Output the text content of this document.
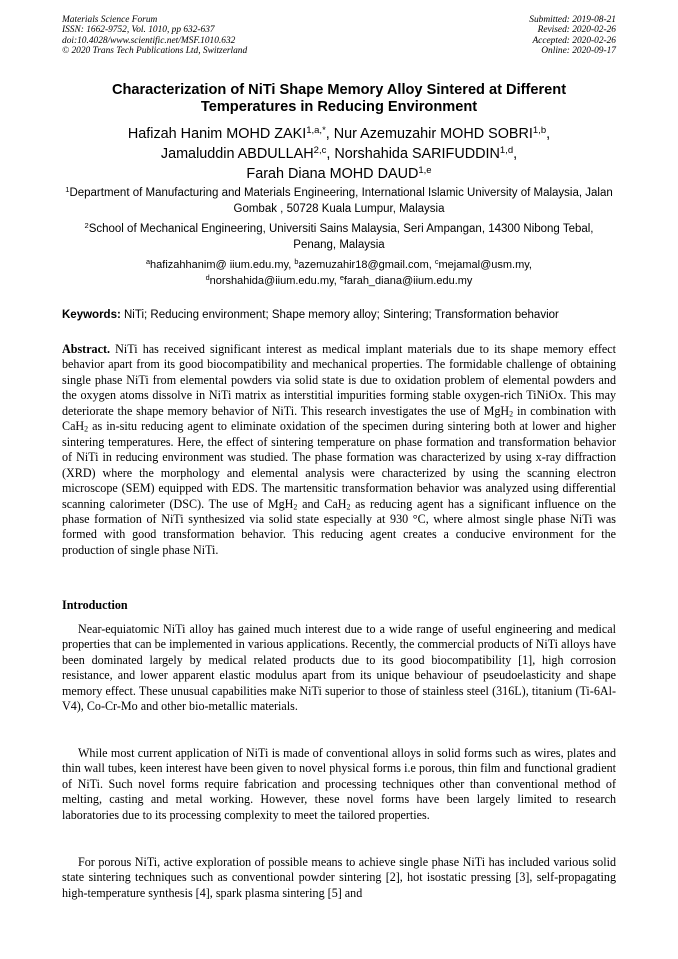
Materials Science Forum
ISSN: 1662-9752, Vol. 1010, pp 632-637
doi:10.4028/www.scientific.net/MSF.1010.632
© 2020 Trans Tech Publications Ltd, Switzerland
Submitted: 2019-08-21
Revised: 2020-02-26
Accepted: 2020-02-26
Online: 2020-09-17
Characterization of NiTi Shape Memory Alloy Sintered at Different
Temperatures in Reducing Environment
Hafizah Hanim MOHD $ZAKI^{1,a,*}$, Nur Azemuzahir MOHD SOBRI$^{1,b}$,
Jamaluddin ABDULLAH$^{2,c}$, Norshahida SARIFUDDIN$^{1,d}$,
Farah Diana MOHD DAUD$^{1,e}$
$^1$Department of Manufacturing and Materials Engineering, International Islamic University of Malaysia, Jalan Gombak , 50728 Kuala Lumpur, Malaysia
$^2$School of Mechanical Engineering, Universiti Sains Malaysia, Seri Ampangan, 14300 Nibong Tebal, Penang, Malaysia
$^a$hafizahhanim@ iium.edu.my, $^b$azemuzahir18@gmail.com, $^c$mejamal@usm.my,
$^d$norshahida@iium.edu.my, $^e$farah_diana@iium.edu.my
Keywords: NiTi; Reducing environment; Shape memory alloy; Sintering; Transformation behavior
Abstract. NiTi has received significant interest as medical implant materials due to its shape memory effect behavior apart from its good biocompatibility and mechanical properties. The formidable challenge of obtaining single phase NiTi from elemental powders via solid state is due to oxidation problem of elemental powders and the oxygen atoms dissolve in NiTi matrix as interstitial impurities forming stable oxygen-rich TiNiOx. This may deteriorate the shape memory behavior of NiTi. This research investigates the use of MgH$_2$ in combination with CaH$_2$ as in-situ reducing agent to eliminate oxidation of the specimen during sintering both at lower and higher sintering temperatures. Here, the effect of sintering temperature on phase formation and transformation behavior of NiTi in reducing environment was studied. The phase formation was characterized by using x-ray diffraction (XRD) where the morphology and elemental analysis were characterized by using the scanning electron microscope (SEM) equipped with EDS. The martensitic transformation behavior was analyzed using differential scanning calorimeter (DSC). The use of MgH$_2$ and CaH$_2$ as reducing agent has a significant influence on the phase formation of NiTi synthesized via solid state especially at 930 °C, where almost single phase NiTi was formed with good transformation behavior. This reducing agent creates a conducive environment for the production of single phase NiTi.
Introduction
Near-equiatomic NiTi alloy has gained much interest due to a wide range of useful engineering and medical properties that can be implemented in various applications. Recently, the commercial products of NiTi alloys have been dominated largely by medical related products due to its good biocompatibility [1], high corrosion resistance, and lower apparent elastic modulus apart from its unique behaviour of pseudoelasticity and shape memory effect. These unusual capabilities make NiTi superior to those of stainless steel (316L), titanium (Ti-6Al-V4), Co-Cr-Mo and other bio-metallic materials.
While most current application of NiTi is made of conventional alloys in solid forms such as wires, plates and thin wall tubes, keen interest have been given to novel physical forms i.e porous, thin film and functional gradient of NiTi. Such novel forms require fabrication and processing techniques other than conventional method of melting, casting and metal working. However, these novel forms have been largely limited to research laboratories due to its processing complexity to meet the tailored properties.
For porous NiTi, active exploration of possible means to achieve single phase NiTi has included various solid state sintering techniques such as conventional powder sintering [2], hot isostatic pressing [3], self-propagating high-temperature synthesis [4], spark plasma sintering [5] and
